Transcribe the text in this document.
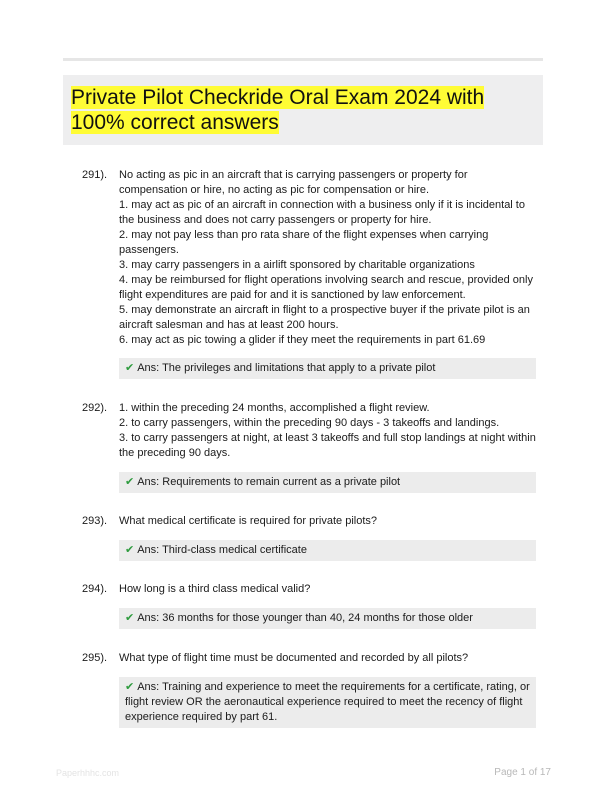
Private Pilot Checkride Oral Exam 2024 with 100% correct answers
291). No acting as pic in an aircraft that is carrying passengers or property for compensation or hire, no acting as pic for compensation or hire.
1. may act as pic of an aircraft in connection with a business only if it is incidental to the business and does not carry passengers or property for hire.
2. may not pay less than pro rata share of the flight expenses when carrying passengers.
3. may carry passengers in a airlift sponsored by charitable organizations
4. may be reimbursed for flight operations involving search and rescue, provided only flight expenditures are paid for and it is sanctioned by law enforcement.
5. may demonstrate an aircraft in flight to a prospective buyer if the private pilot is an aircraft salesman and has at least 200 hours.
6. may act as pic towing a glider if they meet the requirements in part 61.69
✔ Ans: The privileges and limitations that apply to a private pilot
292). 1. within the preceding 24 months, accomplished a flight review.
2. to carry passengers, within the preceding 90 days - 3 takeoffs and landings.
3. to carry passengers at night, at least 3 takeoffs and full stop landings at night within the preceding 90 days.
✔ Ans: Requirements to remain current as a private pilot
293). What medical certificate is required for private pilots?
✔ Ans: Third-class medical certificate
294). How long is a third class medical valid?
✔ Ans: 36 months for those younger than 40, 24 months for those older
295). What type of flight time must be documented and recorded by all pilots?
✔ Ans: Training and experience to meet the requirements for a certificate, rating, or flight review OR the aeronautical experience required to meet the recency of flight experience required by part 61.
Paperhhhc.com	Page 1 of 17
